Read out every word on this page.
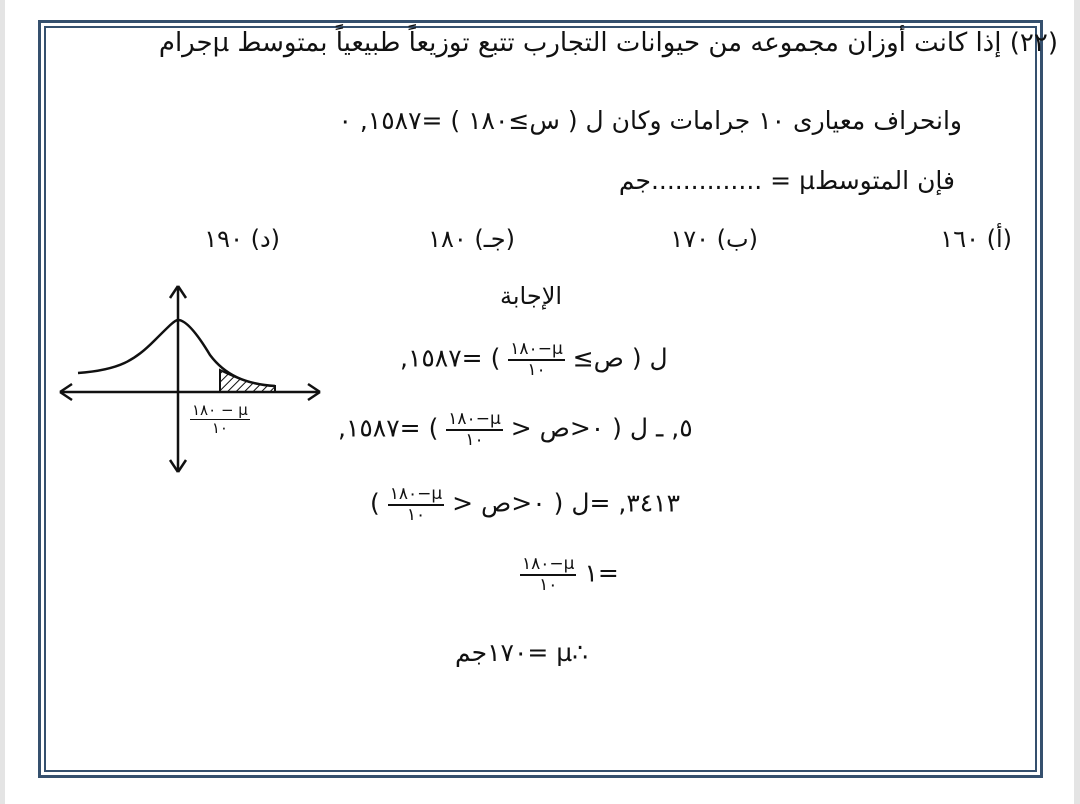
(٢٢) إذا كانت أوزان مجموعه من حيوانات التجارب تتبع توزيعاً طبيعياً بمتوسط µجرام
وانحراف معيارى ١٠ جرامات وكان ل ( س≥١٨٠ ) =١٥٨٧, ٠
فإن المتوسطµ = ..............جم
(أ) ١٦٠
(ب) ١٧٠
(جـ) ١٨٠
(د) ١٩٠
الإجابة
ل ( ص≥
$\frac{\text{µ−١٨٠}}{١٠}$
) =١٥٨٧,
٥, ـ ل ( ٠<ص <
$\frac{\text{µ−١٨٠}}{١٠}$
) =١٥٨٧,
٣٤١٣, =ل ( ٠<ص <
$\frac{\text{µ−١٨٠}}{١٠}$
)
=١
$\frac{\text{µ−١٨٠}}{١٠}$
∴µ =١٧٠جم
µ − ١٨٠
١٠
